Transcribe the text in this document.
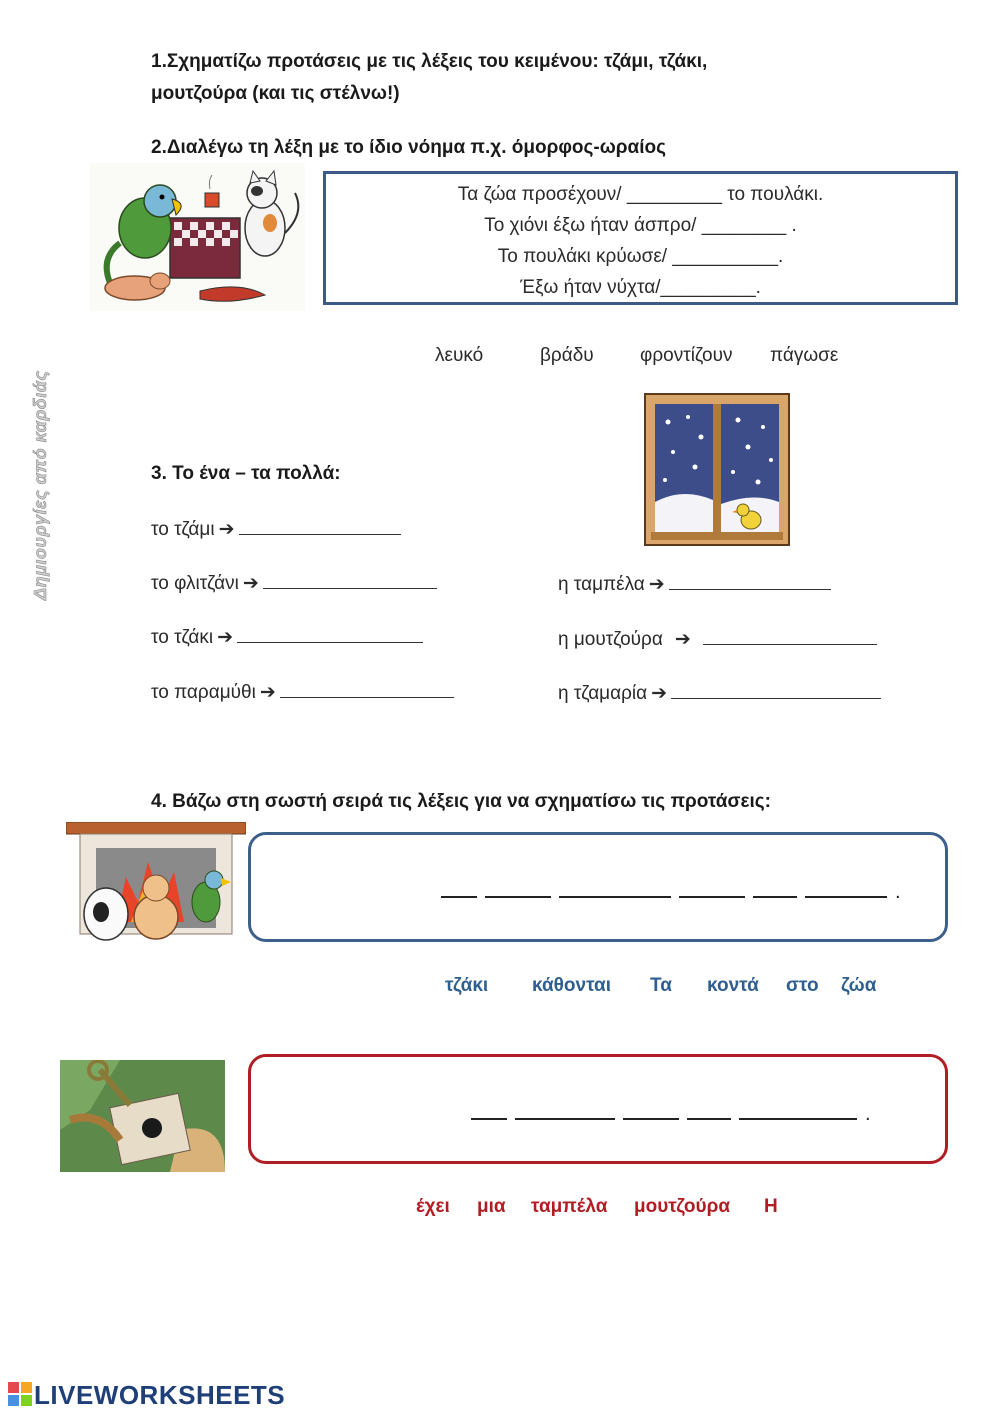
Δημιουργίες από καρδιάς
1.Σχηματίζω προτάσεις με τις λέξεις του κειμένου: τζάμι, τζάκι,
μουτζούρα (και τις στέλνω!)
2.Διαλέγω τη λέξη με το ίδιο νόημα π.χ. όμορφος-ωραίος
Τα ζώα προσέχουν/ _________ το πουλάκι.
Το χιόνι έξω ήταν άσπρο/ ________ .
Το πουλάκι κρύωσε/ __________.
Έξω ήταν νύχτα/_________.
λευκό	βράδυ φροντίζουν πάγωσε
3. Το ένα – τα πολλά:
το τζάμι ➔
το φλιτζάνι ➔
το τζάκι ➔
το παραμύθι ➔
η ταμπέλα ➔
η μουτζούρα ➔
η τζαμαρία ➔
4. Βάζω στη σωστή σειρά τις λέξεις για να σχηματίσω τις προτάσεις:
.
τζάκι κάθονται Τα κοντά στο ζώα
.
έχει μια ταμπέλα μουτζούρα Η
LIVEWORKSHEETS
